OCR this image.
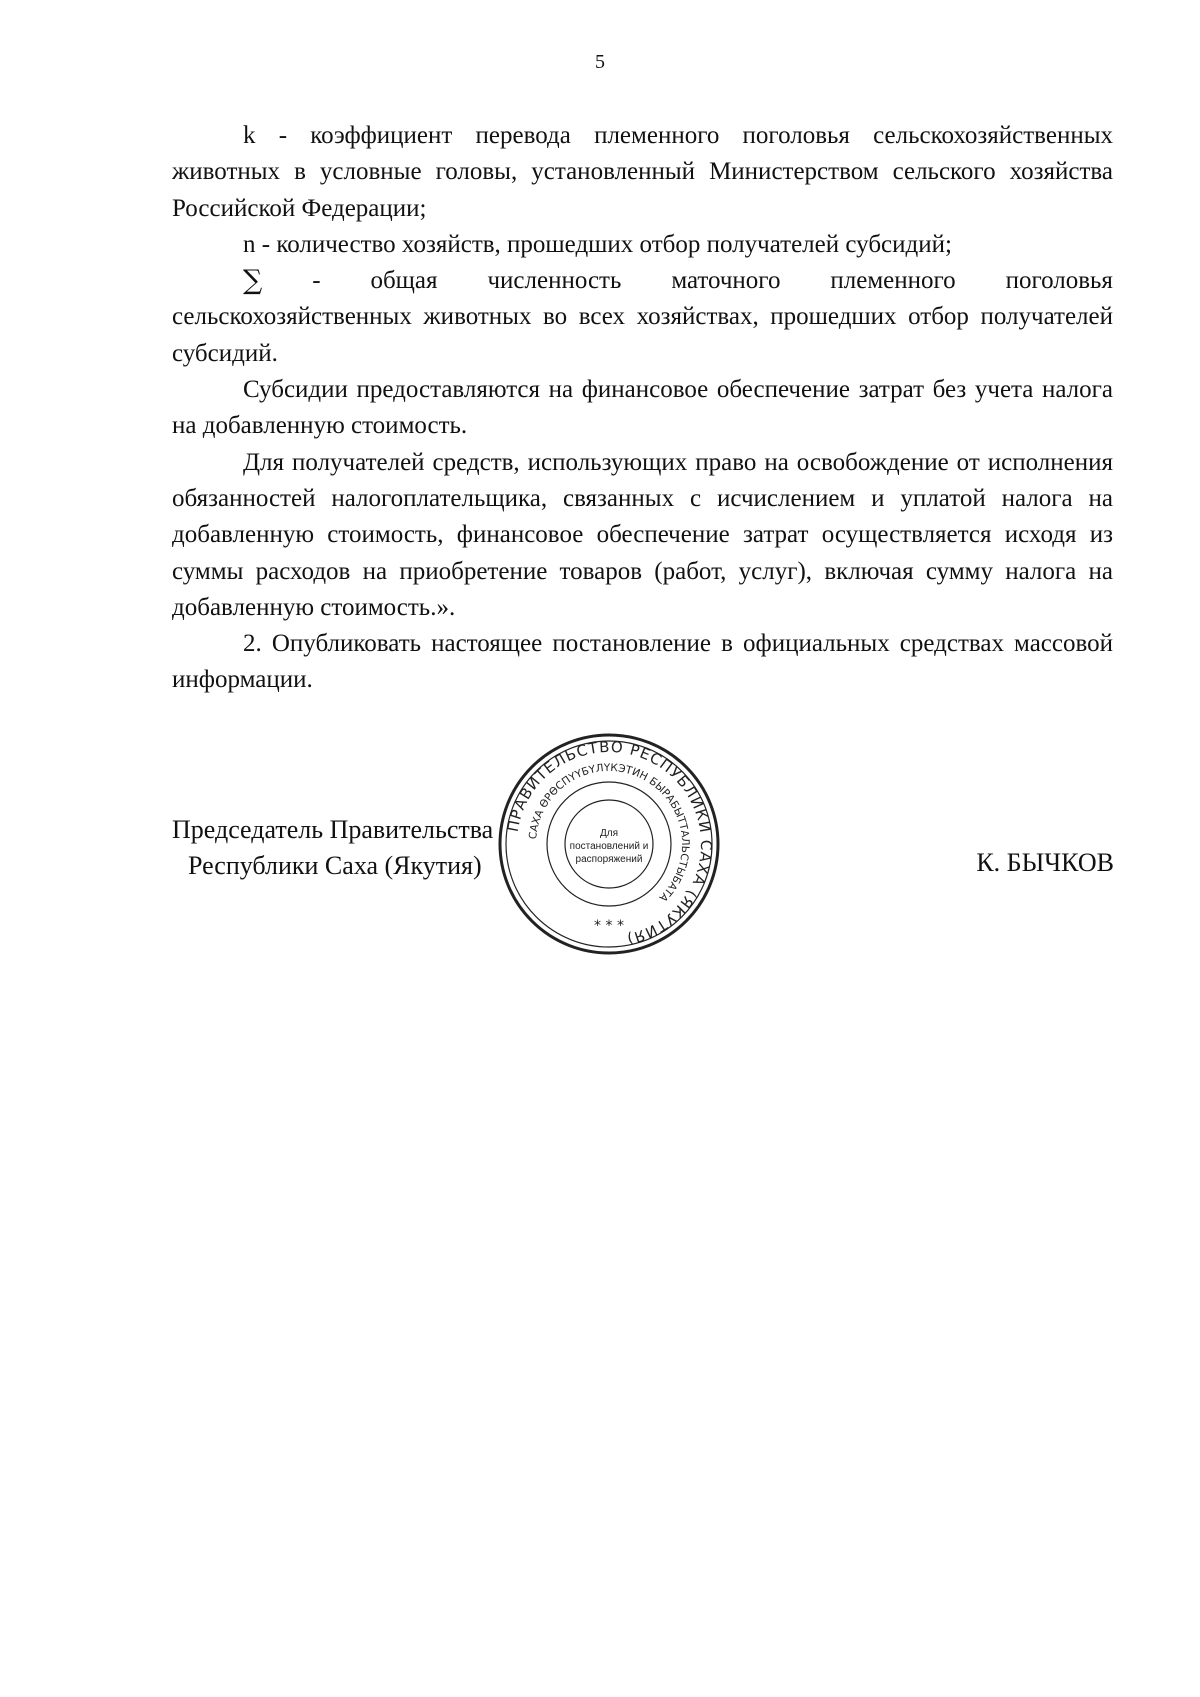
5

k - коэффициент перевода племенного поголовья сельскохозяйственных животных в условные головы, установленный Министерством сельского хозяйства Российской Федерации;

n - количество хозяйств, прошедших отбор получателей субсидий;

∑ - общая численность маточного племенного поголовья

сельскохозяйственных животных во всех хозяйствах, прошедших отбор получателей субсидий.

Субсидии предоставляются на финансовое обеспечение затрат без учета налога на добавленную стоимость.

Для получателей средств, использующих право на освобождение от исполнения обязанностей налогоплательщика, связанных с исчислением и уплатой налога на добавленную стоимость, финансовое обеспечение затрат осуществляется исходя из суммы расходов на приобретение товаров (работ, услуг), включая сумму налога на добавленную стоимость.».

2. Опубликовать настоящее постановление в официальных средствах массовой информации.

Председатель Правительства
Республики Саха (Якутия)	К. БЫЧКОВ
ПРАВИТЕЛЬСТВО РЕСПУБЛИКИ САХА (ЯКУТИЯ)
САХА ӨРӨСПҮҮБҮЛҮКЭТИН БЫРАБЫТТАЛЬСТЫБАТА
Для
постановлений и
распоряжений
* * *
